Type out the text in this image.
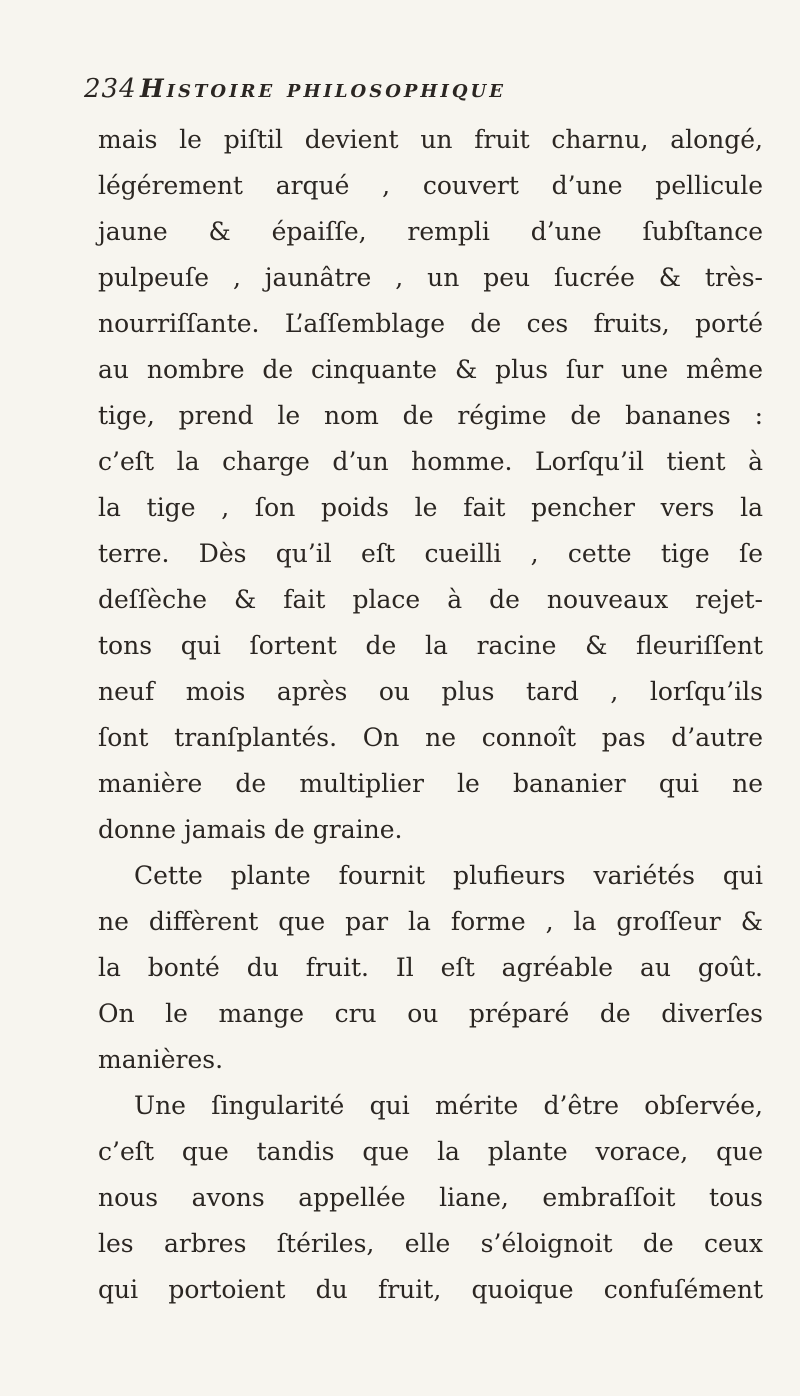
234 Histoire philosophique
mais le piſtil devient un fruit charnu, alongé,
légérement arqué , couvert d’une pellicule
jaune & épaiſſe, rempli d’une ſubſtance
pulpeuſe , jaunâtre , un peu ſucrée & très-
nourriſſante. L’aſſemblage de ces fruits, porté
au nombre de cinquante & plus ſur une même
tige, prend le nom de régime de bananes :
c’eſt la charge d’un homme. Lorſqu’il tient à
la tige , ſon poids le fait pencher vers la
terre. Dès qu’il eſt cueilli , cette tige ſe
deſſèche & fait place à de nouveaux rejet-
tons qui ſortent de la racine & fleuriſſent
neuf mois après ou plus tard , lorſqu’ils
ſont tranſplantés. On ne connoît pas d’autre
manière de multiplier le bananier qui ne
donne jamais de graine.
Cette plante fournit plufieurs variétés qui
ne diffèrent que par la forme , la groſſeur &
la bonté du fruit. Il eſt agréable au goût.
On le mange cru ou préparé de diverſes
manières.
Une ſingularité qui mérite d’être obſervée,
c’eſt que tandis que la plante vorace, que
nous avons appellée liane, embraſſoit tous
les arbres ſtériles, elle s’éloignoit de ceux
qui portoient du fruit, quoique confuſément
